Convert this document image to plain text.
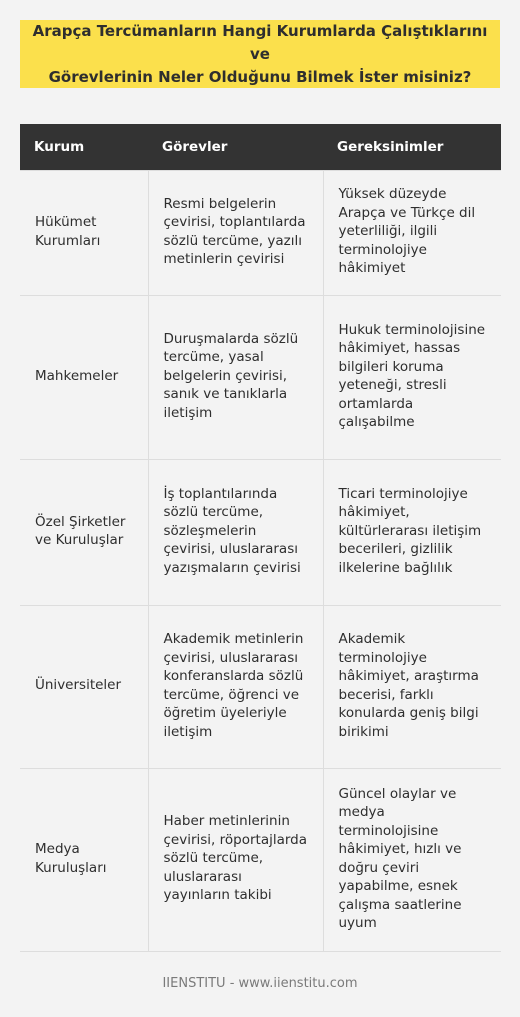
Arapça Tercümanların Hangi Kurumlarda Çalıştıklarını ve
Görevlerinin Neler Olduğunu Bilmek İster misiniz?
Kurum	Görevler	Gereksinimler
Hükümet Kurumları	Resmi belgelerin çevirisi, toplantılarda sözlü tercüme, yazılı metinlerin çevirisi	Yüksek düzeyde Arapça ve Türkçe dil yeterliliği, ilgili terminolojiye hâkimiyet
Mahkemeler	Duruşmalarda sözlü tercüme, yasal belgelerin çevirisi, sanık ve tanıklarla iletişim	Hukuk terminolojisine hâkimiyet, hassas bilgileri koruma yeteneği, stresli ortamlarda çalışabilme
Özel Şirketler ve Kuruluşlar	İş toplantılarında sözlü tercüme, sözleşmelerin çevirisi, uluslararası yazışmaların çevirisi	Ticari terminolojiye hâkimiyet, kültürlerarası iletişim becerileri, gizlilik ilkelerine bağlılık
Üniversiteler	Akademik metinlerin çevirisi, uluslararası konferanslarda sözlü tercüme, öğrenci ve öğretim üyeleriyle iletişim	Akademik terminolojiye hâkimiyet, araştırma becerisi, farklı konularda geniş bilgi birikimi
Medya Kuruluşları	Haber metinlerinin çevirisi, röportajlarda sözlü tercüme, uluslararası yayınların takibi	Güncel olaylar ve medya terminolojisine hâkimiyet, hızlı ve doğru çeviri yapabilme, esnek çalışma saatlerine uyum
IIENSTITU - www.iienstitu.com
